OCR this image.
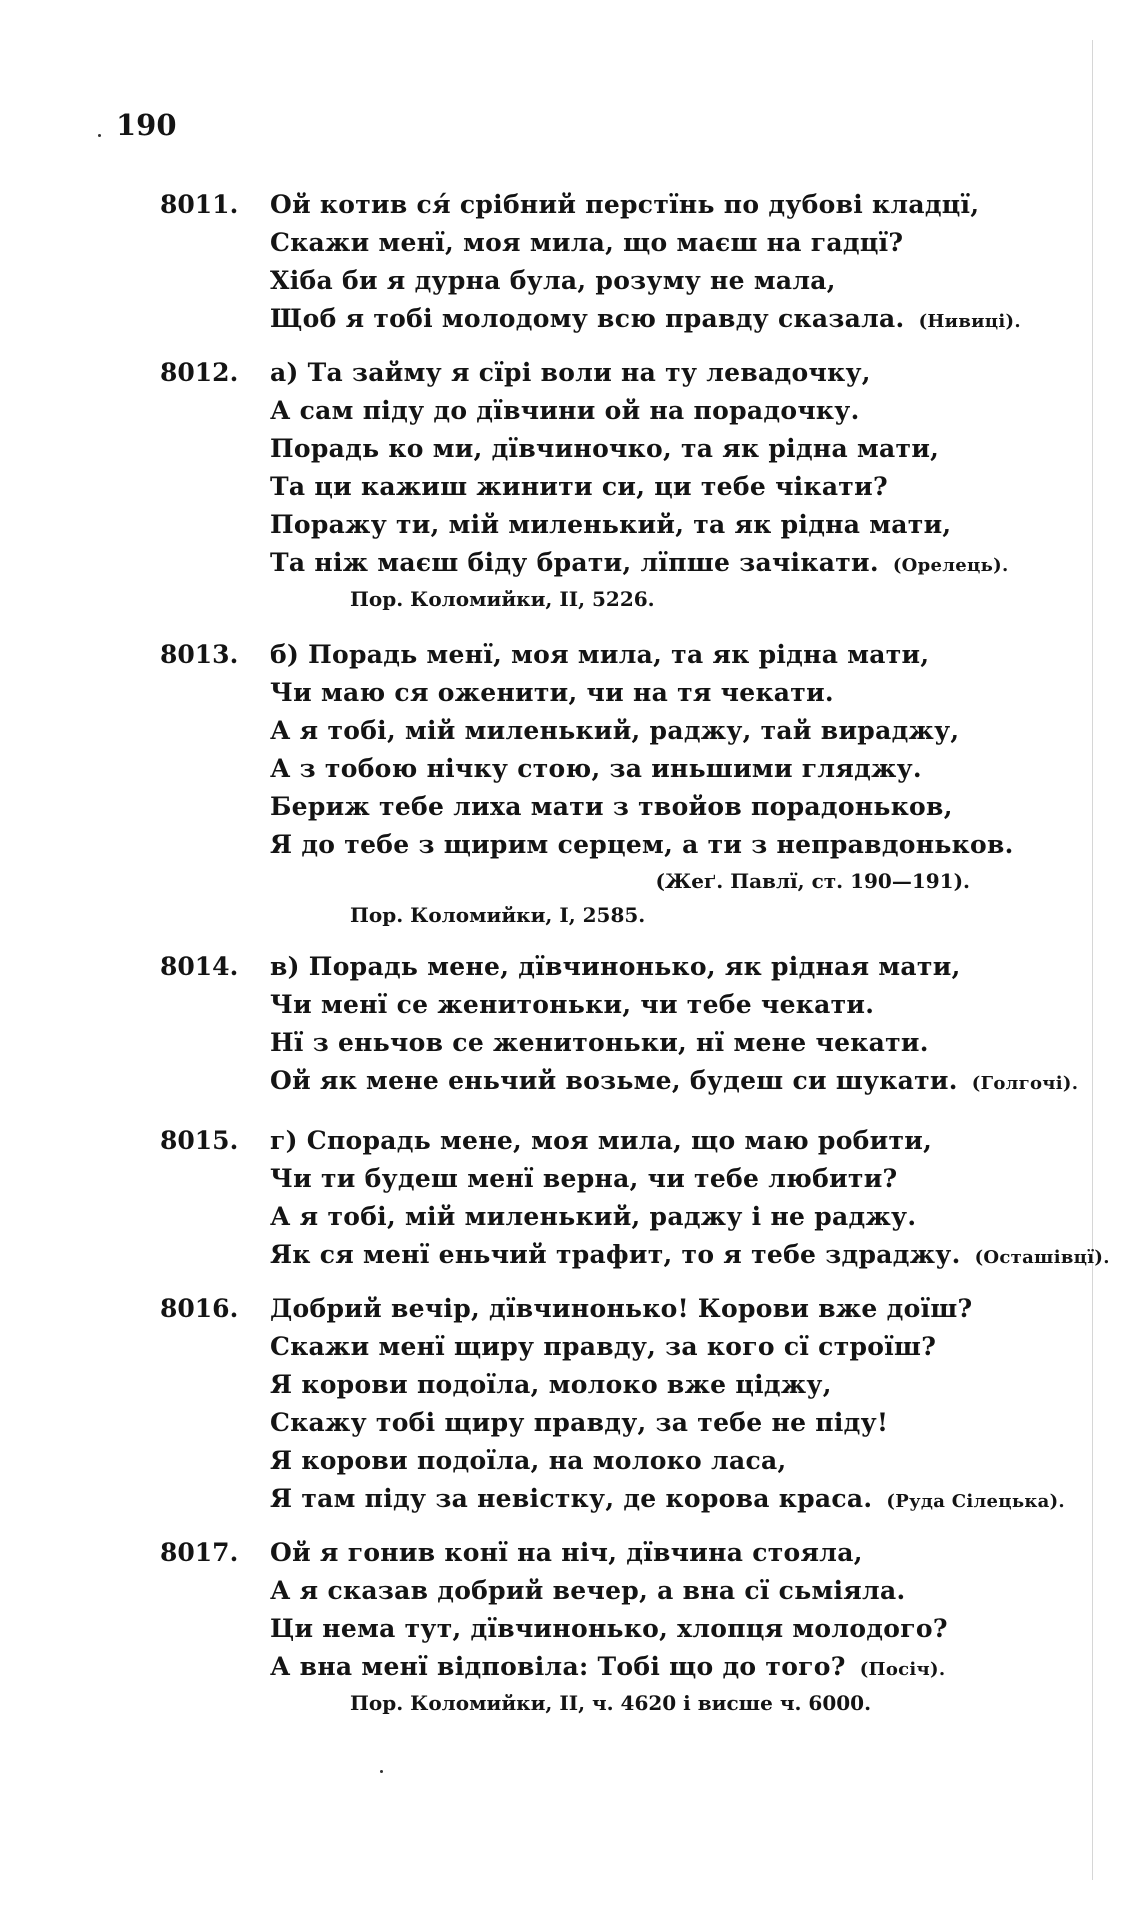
190
8011. Ой котив ся́ срібний перстїнь по дубові кладцї,
Скажи менї, моя мила, що маєш на гадцї?
Хіба би я дурна була, розуму не мала,
Щоб я тобі молодому всю правду сказала. (Нивиці).
8012. а) Та займу я сїрі воли на ту левадочку,
А сам піду до дївчини ой на порадочку.
Порадь ко ми, дївчиночко, та як рідна мати,
Та ци кажиш жинити си, ци тебе чікати?
Поражу ти, мій миленький, та як рідна мати,
Та ніж маєш біду брати, лїпше зачікати. (Орелець).
Пор. Коломийки, II, 5226.
8013. б) Порадь менї, моя мила, та як рідна мати,
Чи маю ся оженити, чи на тя чекати.
А я тобі, мій миленький, раджу, тай вираджу,
А з тобою нічку стою, за иньшими гляджу.
Бериж тебе лиха мати з твойов порадоньков,
Я до тебе з щирим серцем, а ти з неправдоньков.
(Жеґ. Павлї, ст. 190—191).
Пор. Коломийки, I, 2585.
8014. в) Порадь мене, дївчинонько, як рідная мати,
Чи менї се женитоньки, чи тебе чекати.
Нї з еньчов се женитоньки, нї мене чекати.
Ой як мене еньчий возьме, будеш си шукати. (Голгочі).
8015. г) Спорадь мене, моя мила, що маю робити,
Чи ти будеш менї верна, чи тебе любити?
А я тобі, мій миленький, раджу і не раджу.
Як ся менї еньчий трафит, то я тебе здраджу. (Осташівцї).
8016. Добрий вечір, дївчинонько! Корови вже доїш?
Скажи менї щиру правду, за кого сї строїш?
Я корови подоїла, молоко вже ціджу,
Скажу тобі щиру правду, за тебе не піду!
Я корови подоїла, на молоко ласа,
Я там піду за невістку, де корова краса. (Руда Сілецька).
8017. Ой я гонив конї на ніч, дївчина стояла,
А я сказав добрий вечер, а вна сї сьміяла.
Ци нема тут, дївчинонько, хлопця молодого?
А вна менї відповіла: Тобі що до того? (Посіч).
Пор. Коломийки, II, ч. 4620 і висше ч. 6000.
